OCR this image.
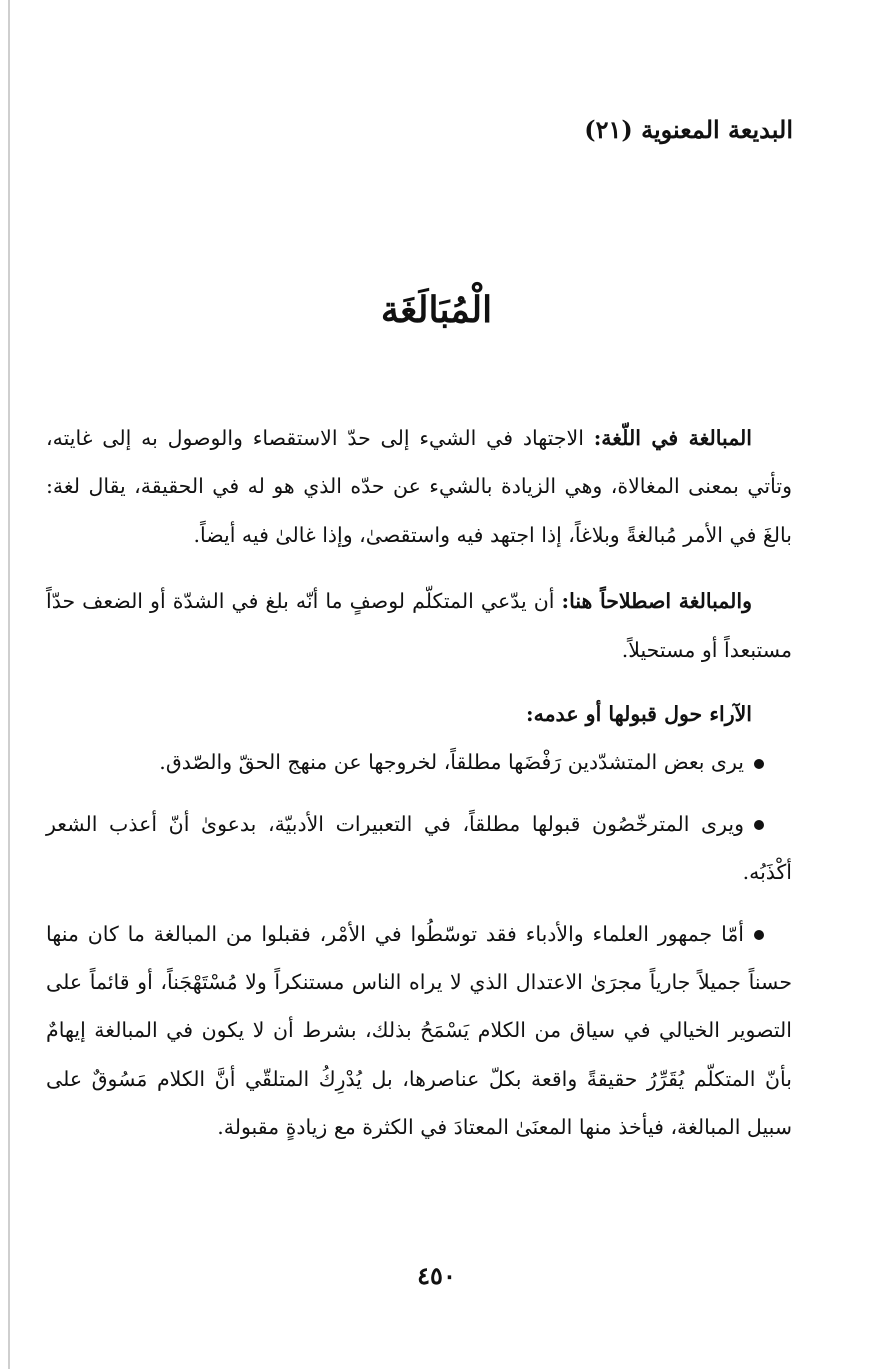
البديعة المعنوية (٢١)
الْمُبَالَغَة

المبالغة في اللّغة: الاجتهاد في الشيء إلى حدّ الاستقصاء والوصول به إلى غايته، وتأتي بمعنى المغالاة، وهي الزيادة بالشيء عن حدّه الذي هو له في الحقيقة، يقال لغة: بالغَ في الأمر مُبالغةً وبلاغاً، إذا اجتهد فيه واستقصىٰ، وإذا غالىٰ فيه أيضاً.

والمبالغة اصطلاحاً هنا: أن يدّعي المتكلّم لوصفٍ ما أنّه بلغ في الشدّة أو الضعف حدّاً مستبعداً أو مستحيلاً.

الآراء حول قبولها أو عدمه:

يرى بعض المتشدّدين رَفْضَها مطلقاً، لخروجها عن منهج الحقّ والصّدق.

ويرى المترخّصُون قبولها مطلقاً، في التعبيرات الأدبيّة، بدعوىٰ أنّ أعذب الشعر أكْذَبُه.

أمّا جمهور العلماء والأدباء فقد توسّطُوا في الأمْر، فقبلوا من المبالغة ما كان منها حسناً جميلاً جارياً مجرَىٰ الاعتدال الذي لا يراه الناس مستنكراً ولا مُسْتَهْجَناً، أو قائماً على التصوير الخيالي في سياق من الكلام يَسْمَحُ بذلك، بشرط أن لا يكون في المبالغة إيهامٌ بأنّ المتكلّم يُقَرِّرُ حقيقةً واقعة بكلّ عناصرها، بل يُدْرِكُ المتلقّي أنَّ الكلام مَسُوقٌ على سبيل المبالغة، فيأخذ منها المعنَىٰ المعتادَ في الكثرة مع زيادةٍ مقبولة.

٤٥٠
